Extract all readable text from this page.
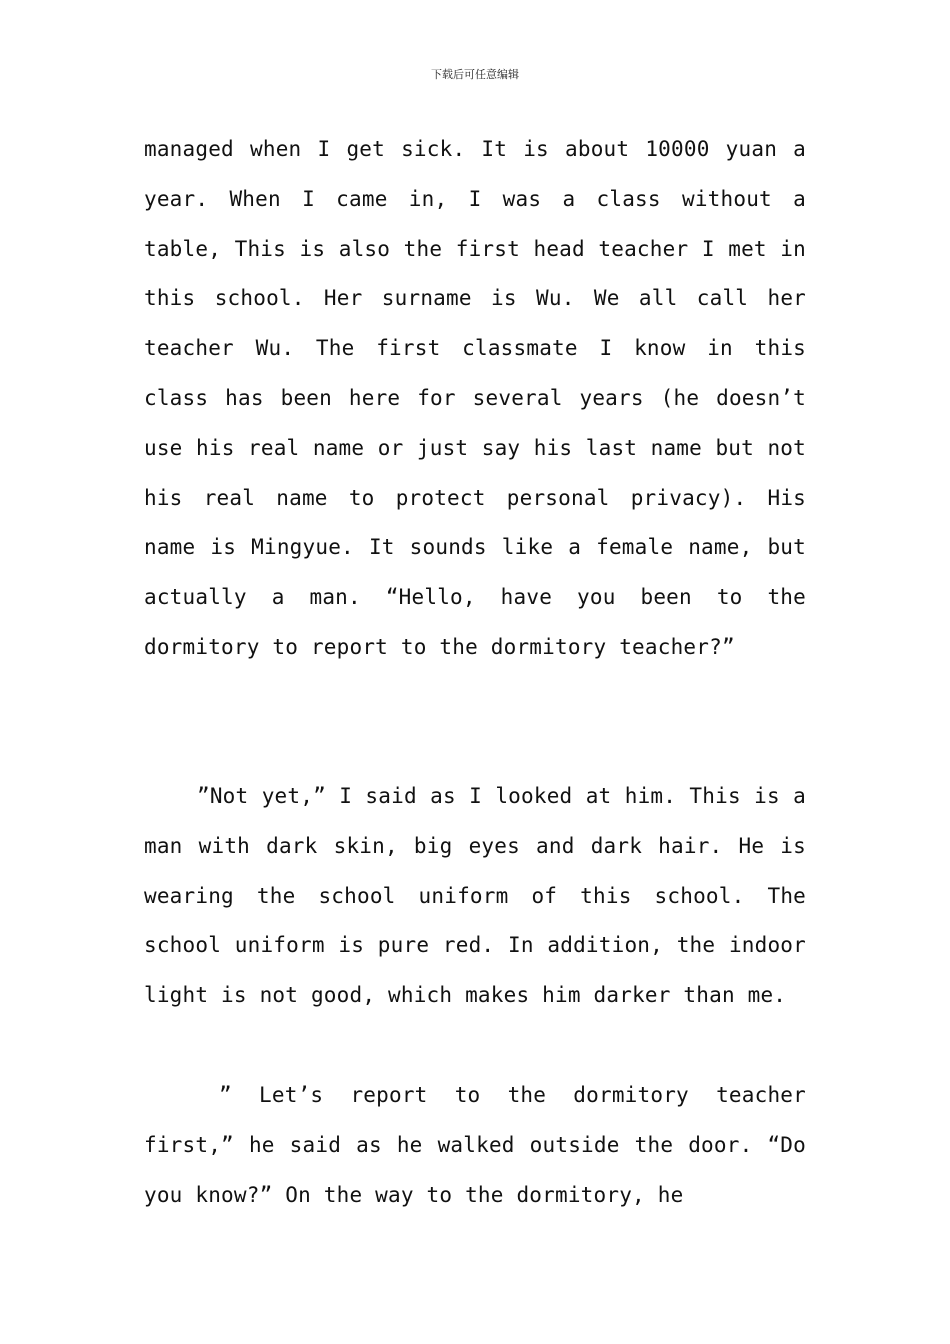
下载后可任意编辑

managed when I get sick. It is about 10000 yuan a year. When I came in, I was a class without a table, This is also the first head teacher I met in this school. Her surname is Wu. We all call her teacher Wu. The first classmate I know in this class has been here for several years (he doesn’t use his real name or just say his last name but not his real name to protect personal privacy). His name is Mingyue. It sounds like a female name, but actually a man. “Hello, have you been to the dormitory to report to the dormitory teacher?”

”Not yet,” I said as I looked at him. This is a man with dark skin, big eyes and dark hair. He is wearing the school uniform of this school. The school uniform is pure red. In addition, the indoor light is not good, which makes him darker than me.

” Let’s report to the dormitory teacher first,” he said as he walked outside the door. “Do you know?” On the way to the dormitory, he
